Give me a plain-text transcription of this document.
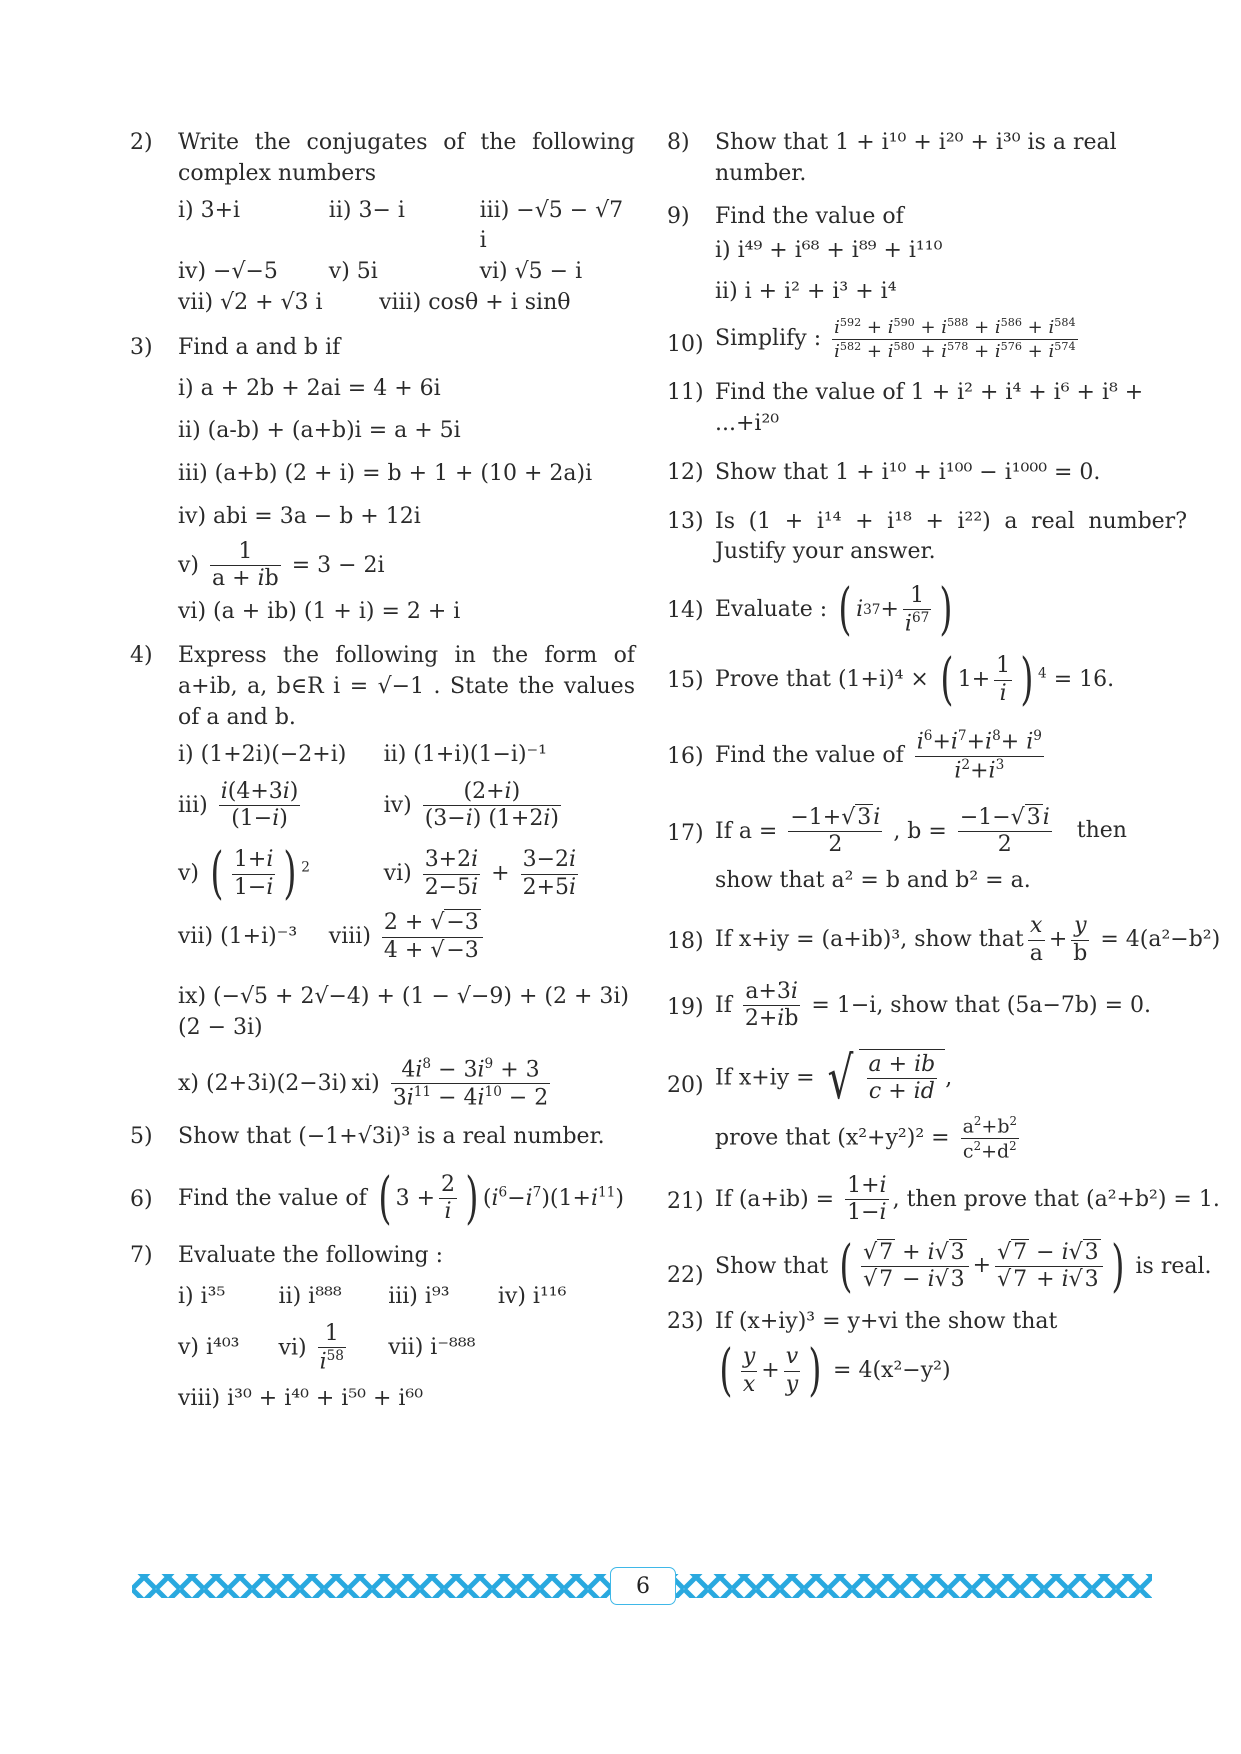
2) Write the conjugates of the following complex numbers
i) 3+i	ii) 3− i	iii) −√5 − √7 i
iv) −√−5	v) 5i	vi) √5 − i
vii) √2 + √3 i	viii) cosθ + i sinθ
3) Find a and b if
i) a + 2b + 2ai = 4 + 6i
ii) (a-b) + (a+b)i = a + 5i
iii) (a+b) (2 + i) = b + 1 + (10 + 2a)i
iv) abi = 3a − b + 12i
$v) \frac{1}{a + ib} = 3 - 2i$
vi) (a + ib) (1 + i) = 2 + i
4) Express the following in the form of a+ib, a, b∈R i = √−1 . State the values of a and b.
i) (1+2i)(−2+i)	ii) (1+i)(1−i)⁻¹
$iii) \frac{i(4+3i)}{(1-i)}$	$iv) \frac{(2+i)}{(3-i) (1+2i)}$
v) ( $\frac{1+i}{1-i}$ ) $^2$	$vi) \frac{3+2i}{2-5i} + \frac{3-2i}{2+5i}$
vii) (1+i)⁻³	viii) $\frac{2 + √-3}{4 + √-3}$
ix) (−√5 + 2√−4) + (1 − √−9) + (2 + 3i)(2 − 3i)
x) (2+3i)(2−3i) $xi) \frac{4i^8 - 3i^9 + 3}{3i^{11} - 4i^{10} - 2}$
5) Show that (−1+√3i)³ is a real number.
6) Find the value of ( $3 + \frac{2}{i}$ ) $(i^6-i^7)(1+i^{11})$
7) Evaluate the following :
i) i³⁵	ii) i⁸⁸⁸	iii) i⁹³	iv) i¹¹⁶
v) i⁴⁰³	$vi) \frac{1}{i^{58}} vii$) i⁻⁸⁸⁸
viii) i³⁰ + i⁴⁰ + i⁵⁰ + i⁶⁰
8) Show that 1 + i¹⁰ + i²⁰ + i³⁰ is a real number.
9) Find the value of
i) i⁴⁹ + i⁶⁸ + i⁸⁹ + i¹¹⁰
ii) i + i² + i³ + i⁴
10) Simplify : $\frac{i^{592} + i^{590} + i^{588} + i^{586} + i^{584}}{i^{582} + i^{580} + i^{578} + i^{576} + i^{574}}$
11) Find the value of 1 + i² + i⁴ + i⁶ + i⁸ + ...+i²⁰
12) Show that 1 + i¹⁰ + i¹⁰⁰ − i¹⁰⁰⁰ = 0.
13) Is (1 + i¹⁴ + i¹⁸ + i²²) a real number? Justify your answer.
14) Evaluate : ( i $37 + \frac{1}{i^{67}}$ )
15) Prove that (1+i)⁴ × ( $1+ \frac{1}{i}$ ) $^4$ = 16.
16) Find the value of $\frac{i^6+i^7+i^8+ i^9}{i^2+i^3}$
17) If $a = \frac{-1+√3i}{2}$ , $b = \frac{-1-√3i}{2}$ then
show that a² = b and b² = a.
18) If x+iy = (a+ib)³, show that $\frac{x}{a} + \frac{y}{b} = 4(a^2-b^2)$
19) If $\frac{a+3i}{2+ib} = 1-i$, show that (5a−7b) = 0.
20) If x+iy = √ $\frac{a + ib}{c + id}$ ,
prove that $(x^2+y^2)^2 = \frac{a^2+b^2}{c^2+d^2}$
21) If $(a+ib) = \frac{1+i}{1-i}$ , then prove that (a²+b²) = 1.
22) Show that ( $\frac{√7 + i√3}{√7 - i√3} + \frac{√7 - i√3}{√7 + i√3}$ ) is real.
23) If (x+iy)³ = y+vi the show that
( $\frac{y}{x} + \frac{v}{y}$ ) = 4(x²−y²)
6
